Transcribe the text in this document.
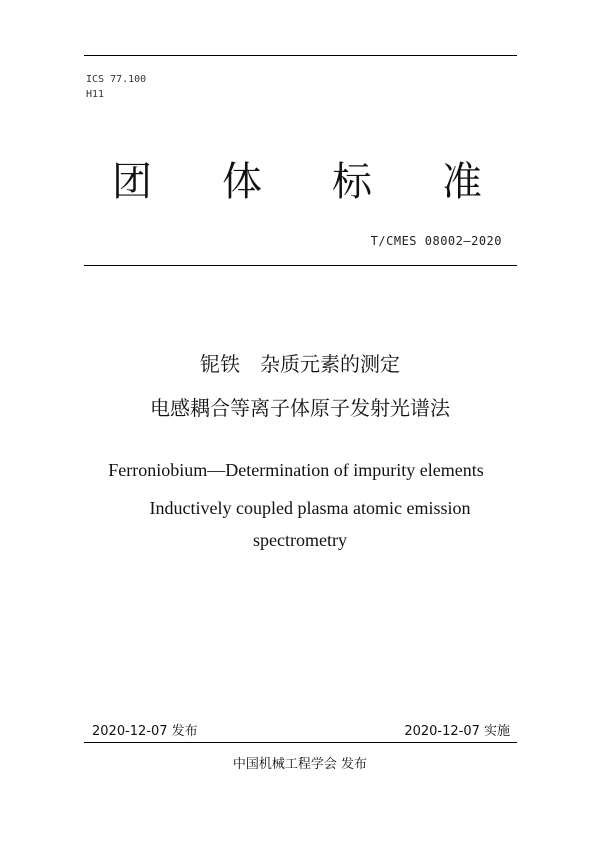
ICS 77.100
H11
团 体 标 准
T/CMES 08002—2020
铌铁　杂质元素的测定
电感耦合等离子体原子发射光谱法
Ferroniobium—Determination of impurity elements
Inductively coupled plasma atomic emission
spectrometry
2020-12-07 发布	2020-12-07 实施
中国机械工程学会 发布
